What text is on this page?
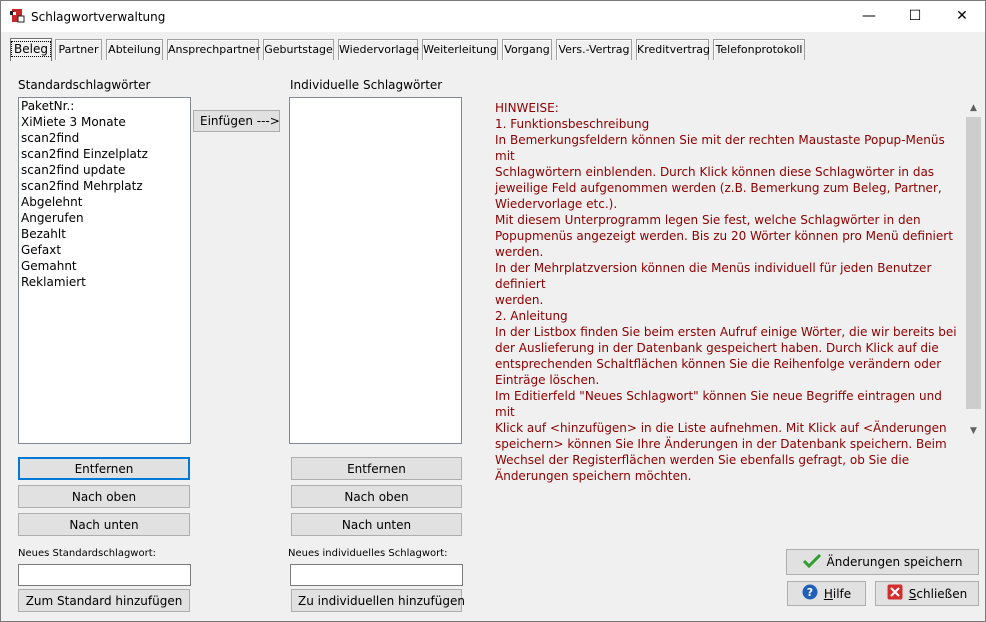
Schlagwortverwaltung	—	☐	✕
Beleg Partner Abteilung Ansprechpartner Geburtstage Wiedervorlage Weiterleitung Vorgang Vers.-Vertrag Kreditvertrag Telefonprotokoll
Standardschlagwörter
PaketNr.:
XiMiete 3 Monate
scan2find
scan2find Einzelplatz
scan2find update
scan2find Mehrplatz
Abgelehnt
Angerufen
Bezahlt
Gefaxt
Gemahnt
Reklamiert
Einfügen --->
Entfernen
Nach oben
Nach unten
Neues Standardschlagwort:
Zum Standard hinzufügen
Individuelle Schlagwörter
Entfernen
Nach oben
Nach unten
Neues individuelles Schlagwort:
Zu individuellen hinzufügen
HINWEISE:
1. Funktionsbeschreibung
In Bemerkungsfeldern können Sie mit der rechten Maustaste Popup-Menüs mit
Schlagwörtern einblenden. Durch Klick können diese Schlagwörter in das
jeweilige Feld aufgenommen werden (z.B. Bemerkung zum Beleg, Partner,
Wiedervorlage etc.).
Mit diesem Unterprogramm legen Sie fest, welche Schlagwörter in den
Popupmenüs angezeigt werden. Bis zu 20 Wörter können pro Menü definiert
werden.
In der Mehrplatzversion können die Menüs individuell für jeden Benutzer definiert
werden.
2. Anleitung
In der Listbox finden Sie beim ersten Aufruf einige Wörter, die wir bereits bei
der Auslieferung in der Datenbank gespeichert haben. Durch Klick auf die
entsprechenden Schaltflächen können Sie die Reihenfolge verändern oder
Einträge löschen.
Im Editierfeld "Neues Schlagwort" können Sie neue Begriffe eintragen und mit
Klick auf <hinzufügen> in die Liste aufnehmen. Mit Klick auf <Änderungen
speichern> können Sie Ihre Änderungen in der Datenbank speichern. Beim
Wechsel der Registerflächen werden Sie ebenfalls gefragt, ob Sie die
Änderungen speichern möchten.
▲
▼
Änderungen speichern
? Hilfe	Schließen
